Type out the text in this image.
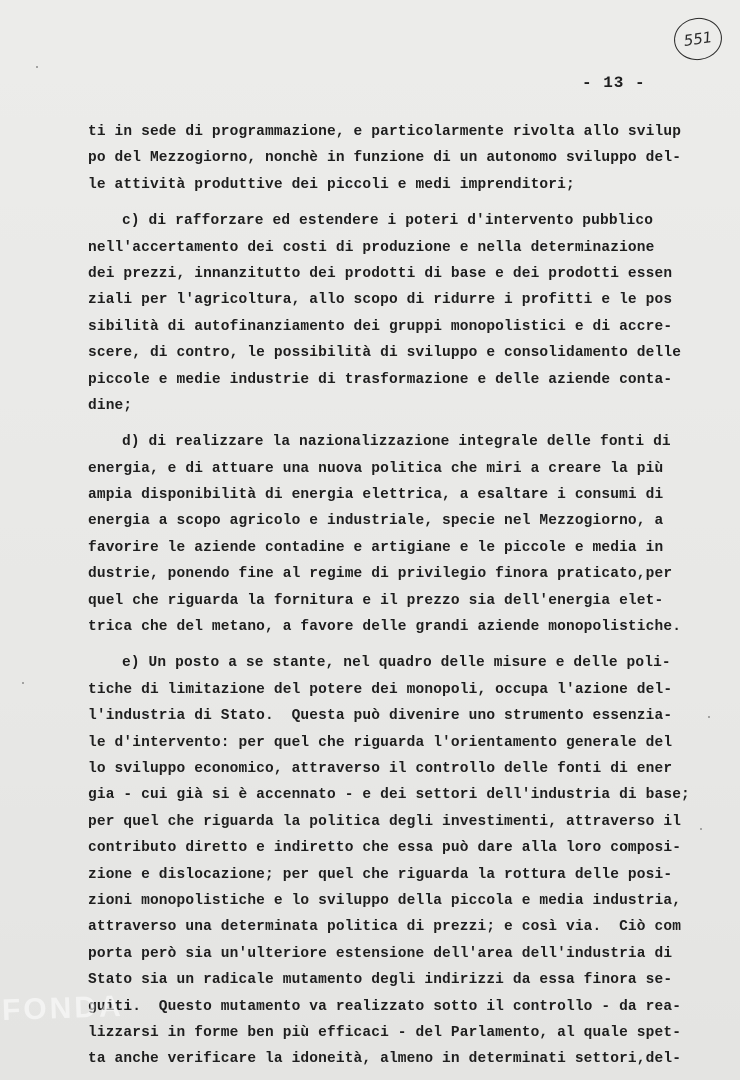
551
- 13 -

ti in sede di programmazione, e particolarmente rivolta allo svilup
po del Mezzogiorno, nonchè in funzione di un autonomo sviluppo del-
le attività produttive dei piccoli e medi imprenditori;

c) di rafforzare ed estendere i poteri d'intervento pubblico
nell'accertamento dei costi di produzione e nella determinazione
dei prezzi, innanzitutto dei prodotti di base e dei prodotti essen
ziali per l'agricoltura, allo scopo di ridurre i profitti e le pos
sibilità di autofinanziamento dei gruppi monopolistici e di accre-
scere, di contro, le possibilità di sviluppo e consolidamento delle
piccole e medie industrie di trasformazione e delle aziende conta-
dine;

d) di realizzare la nazionalizzazione integrale delle fonti di
energia, e di attuare una nuova politica che miri a creare la più
ampia disponibilità di energia elettrica, a esaltare i consumi di
energia a scopo agricolo e industriale, specie nel Mezzogiorno, a
favorire le aziende contadine e artigiane e le piccole e media in
dustrie, ponendo fine al regime di privilegio finora praticato,per
quel che riguarda la fornitura e il prezzo sia dell'energia elet-
trica che del metano, a favore delle grandi aziende monopolistiche.

e) Un posto a se stante, nel quadro delle misure e delle poli-
tiche di limitazione del potere dei monopoli, occupa l'azione del-
l'industria di Stato.  Questa può divenire uno strumento essenzia-
le d'intervento: per quel che riguarda l'orientamento generale del
lo sviluppo economico, attraverso il controllo delle fonti di ener
gia - cui già si è accennato - e dei settori dell'industria di base;
per quel che riguarda la politica degli investimenti, attraverso il
contributo diretto e indiretto che essa può dare alla loro composi-
zione e dislocazione; per quel che riguarda la rottura delle posi-
zioni monopolistiche e lo sviluppo della piccola e media industria,
attraverso una determinata politica di prezzi; e così via.  Ciò com
porta però sia un'ulteriore estensione dell'area dell'industria di
Stato sia un radicale mutamento degli indirizzi da essa finora se-
guiti.  Questo mutamento va realizzato sotto il controllo - da rea-
lizzarsi in forme ben più efficaci - del Parlamento, al quale spet-
ta anche verificare la idoneità, almeno in determinati settori,del-

FONDA
